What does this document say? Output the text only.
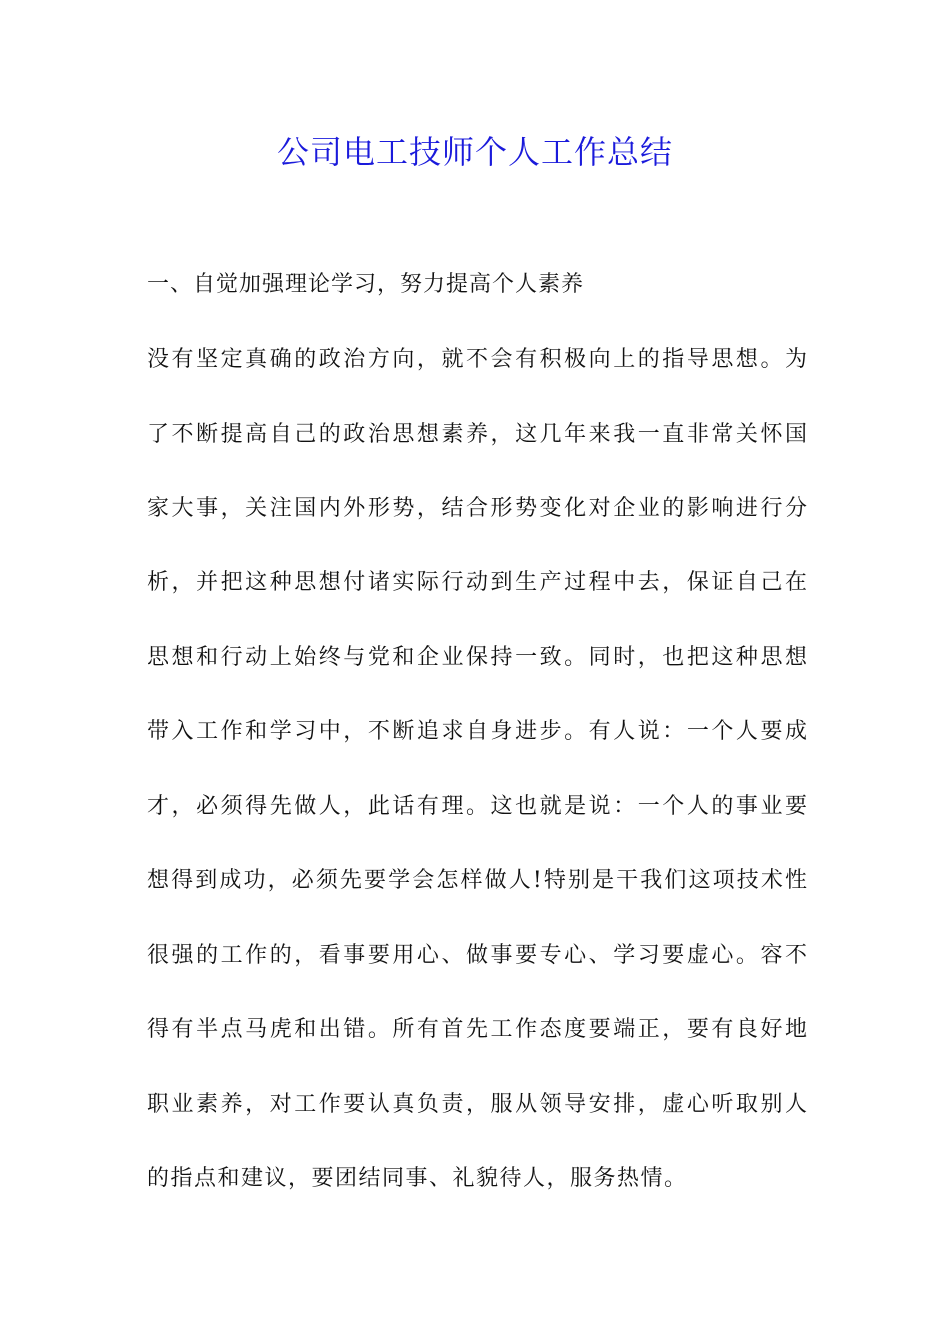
公司电工技师个人工作总结

一、自觉加强理论学习，努力提高个人素养

没有坚定真确的政治方向，就不会有积极向上的指导思想。为

了不断提高自己的政治思想素养，这几年来我一直非常关怀国

家大事，关注国内外形势，结合形势变化对企业的影响进行分

析，并把这种思想付诸实际行动到生产过程中去，保证自己在

思想和行动上始终与党和企业保持一致。同时，也把这种思想

带入工作和学习中，不断追求自身进步。有人说：一个人要成

才，必须得先做人，此话有理。这也就是说：一个人的事业要

想得到成功，必须先要学会怎样做人!特别是干我们这项技术性

很强的工作的，看事要用心、做事要专心、学习要虚心。容不

得有半点马虎和出错。所有首先工作态度要端正，要有良好地

职业素养，对工作要认真负责，服从领导安排，虚心听取别人

的指点和建议，要团结同事、礼貌待人，服务热情。
